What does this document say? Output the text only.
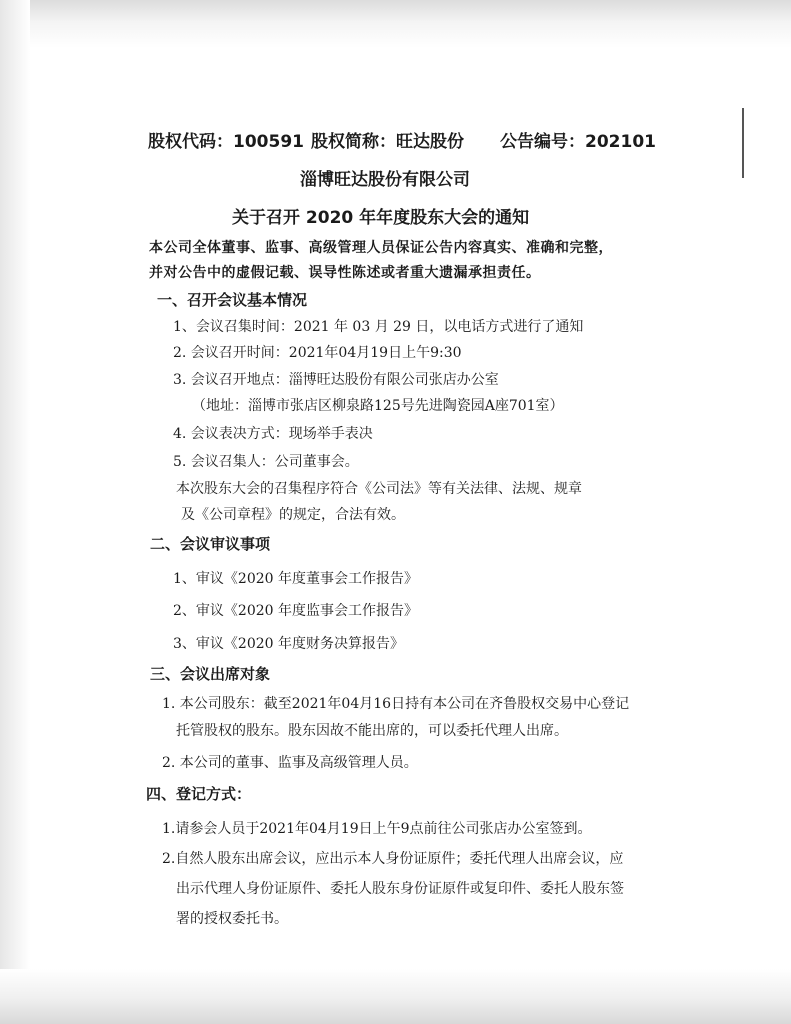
股权代码：100591 股权简称：旺达股份 公告编号：202101
淄博旺达股份有限公司
关于召开 2020 年年度股东大会的通知
本公司全体董事、监事、高级管理人员保证公告内容真实、准确和完整，
并对公告中的虚假记载、误导性陈述或者重大遗漏承担责任。
一、召开会议基本情况
1、会议召集时间：2021 年 03 月 29 日，以电话方式进行了通知
2. 会议召开时间：2021年04月19日上午9:30
3. 会议召开地点：淄博旺达股份有限公司张店办公室
（地址：淄博市张店区柳泉路125号先进陶瓷园A座701室）
4. 会议表决方式：现场举手表决
5. 会议召集人：公司董事会。
本次股东大会的召集程序符合《公司法》等有关法律、法规、规章
及《公司章程》的规定，合法有效。
二、会议审议事项
1、审议《2020 年度董事会工作报告》
2、审议《2020 年度监事会工作报告》
3、审议《2020 年度财务决算报告》
三、会议出席对象
1. 本公司股东：截至2021年04月16日持有本公司在齐鲁股权交易中心登记
托管股权的股东。股东因故不能出席的，可以委托代理人出席。
2. 本公司的董事、监事及高级管理人员。
四、登记方式：
1.请参会人员于2021年04月19日上午9点前往公司张店办公室签到。
2.自然人股东出席会议，应出示本人身份证原件；委托代理人出席会议，应
出示代理人身份证原件、委托人股东身份证原件或复印件、委托人股东签
署的授权委托书。
